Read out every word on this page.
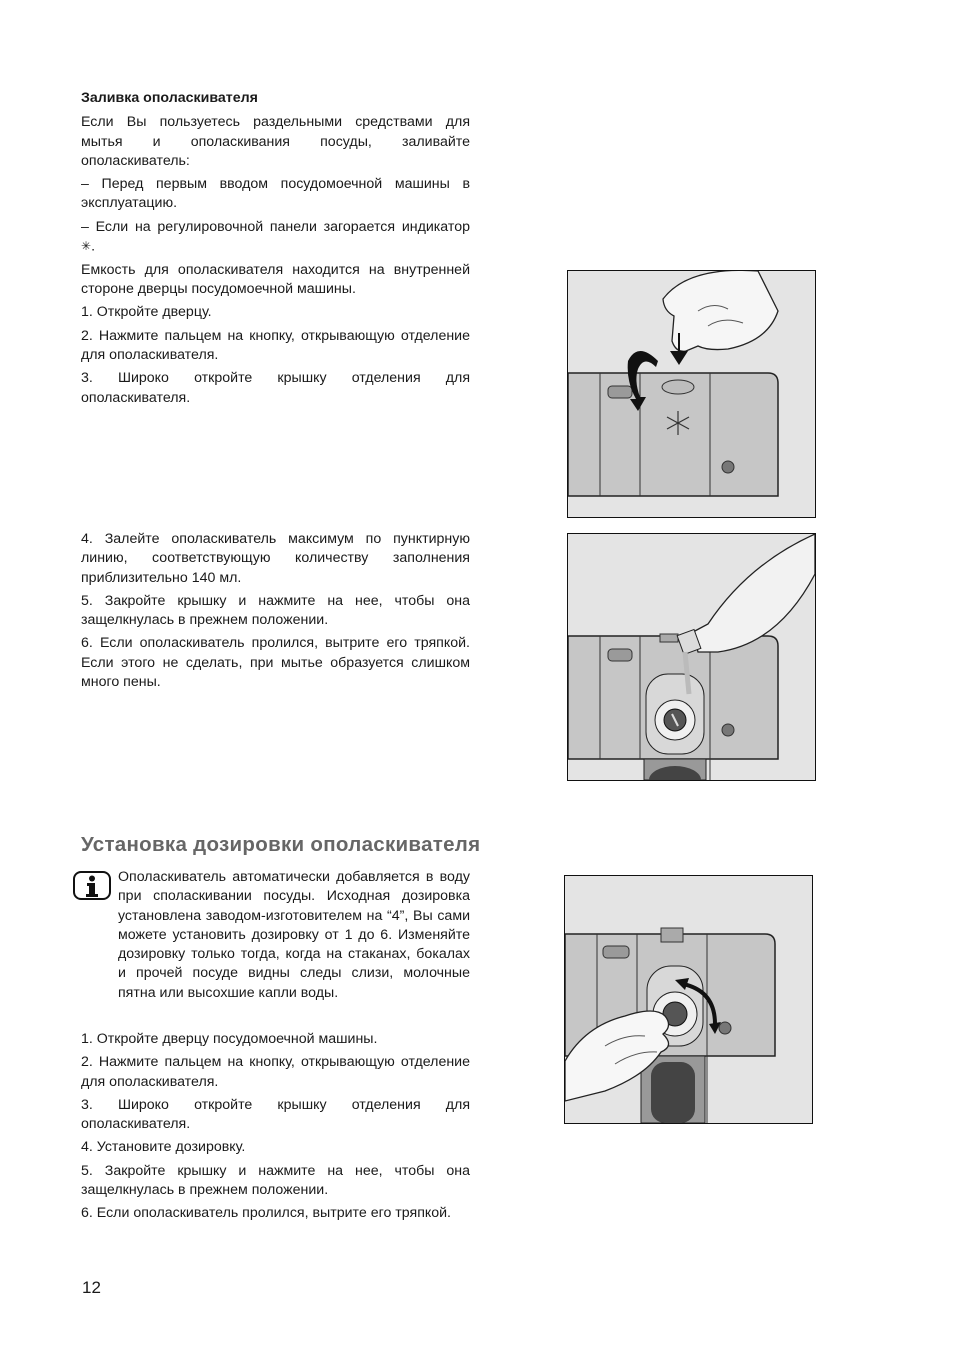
Заливка ополаскивателя

Если Вы пользуетесь раздельными средствами для
мытья и ополаскивания посуды, заливайте
ополаскиватель:

– Перед первым вводом посудомоечной машины в эксплуатацию.

– Если на регулировочной панели загорается индикатор ✳.

Емкость для ополаскивателя находится на внутренней стороне дверцы посудомоечной машины.

1. Откройте дверцу.

2. Нажмите пальцем на кнопку, открывающую отделение для ополаскивателя.

3. Широко откройте крышку отделения для ополаскивателя.

4. Залейте ополаскиватель максимум по пунктирную линию, соответствующую количеству заполнения приблизительно 140 мл.

5. Закройте крышку и нажмите на нее, чтобы она защелкнулась в прежнем положении.

6. Если ополаскиватель пролился, вытрите его тряпкой. Если этого не сделать, при мытье образуется слишком много пены.

Установка дозировки ополаскивателя

Ополаскиватель автоматически добавляется в воду при споласкивании посуды. Исходная дозировка установлена заводом-изготовителем на “4”, Вы сами можете установить дозировку от 1 до 6. Изменяйте дозировку только тогда, когда на стаканах, бокалах и прочей посуде видны следы слизи, молочные пятна или высохшие капли воды.

1. Откройте дверцу посудомоечной машины.

2. Нажмите пальцем на кнопку, открывающую отделение для ополаскивателя.

3. Широко откройте крышку отделения для ополаскивателя.

4. Установите дозировку.

5. Закройте крышку и нажмите на нее, чтобы она защелкнулась в прежнем положении.

6. Если ополаскиватель пролился, вытрите его тряпкой.

12
